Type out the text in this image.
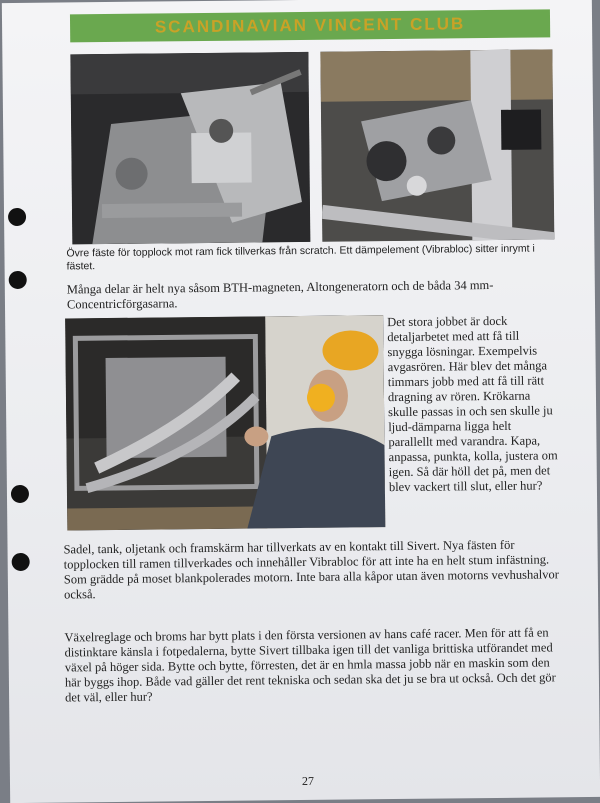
SCANDINAVIAN VINCENT CLUB
Övre fäste för topplock mot ram fick tillverkas från scratch. Ett dämpelement (Vibrabloc) sitter inrymt i fästet.
Många delar är helt nya såsom BTH-magneten, Altongeneratorn och de båda 34 mm-Concentricförgasarna.
Det stora jobbet är dock detaljarbetet med att få till snygga lösningar. Exempelvis avgasrören. Här blev det många timmars jobb med att få till rätt dragning av rören. Krökarna skulle passas in och sen skulle ju ljud-dämparna ligga helt parallellt med varandra. Kapa, anpassa, punkta, kolla, justera om igen. Så där höll det på, men det blev vackert till slut, eller hur?
Sadel, tank, oljetank och framskärm har tillverkats av en kontakt till Sivert. Nya fästen för topplocken till ramen tillverkades och innehåller Vibrabloc för att inte ha en helt stum infästning. Som grädde på moset blankpolerades motorn. Inte bara alla kåpor utan även motorns vevhushalvor också.
Växelreglage och broms har bytt plats i den första versionen av hans café racer. Men för att få en distinktare känsla i fotpedalerna, bytte Sivert tillbaka igen till det vanliga brittiska utförandet med växel på höger sida. Bytte och bytte, förresten, det är en hmla massa jobb när en maskin som den här byggs ihop. Både vad gäller det rent tekniska och sedan ska det ju se bra ut också. Och det gör det väl, eller hur?
27
